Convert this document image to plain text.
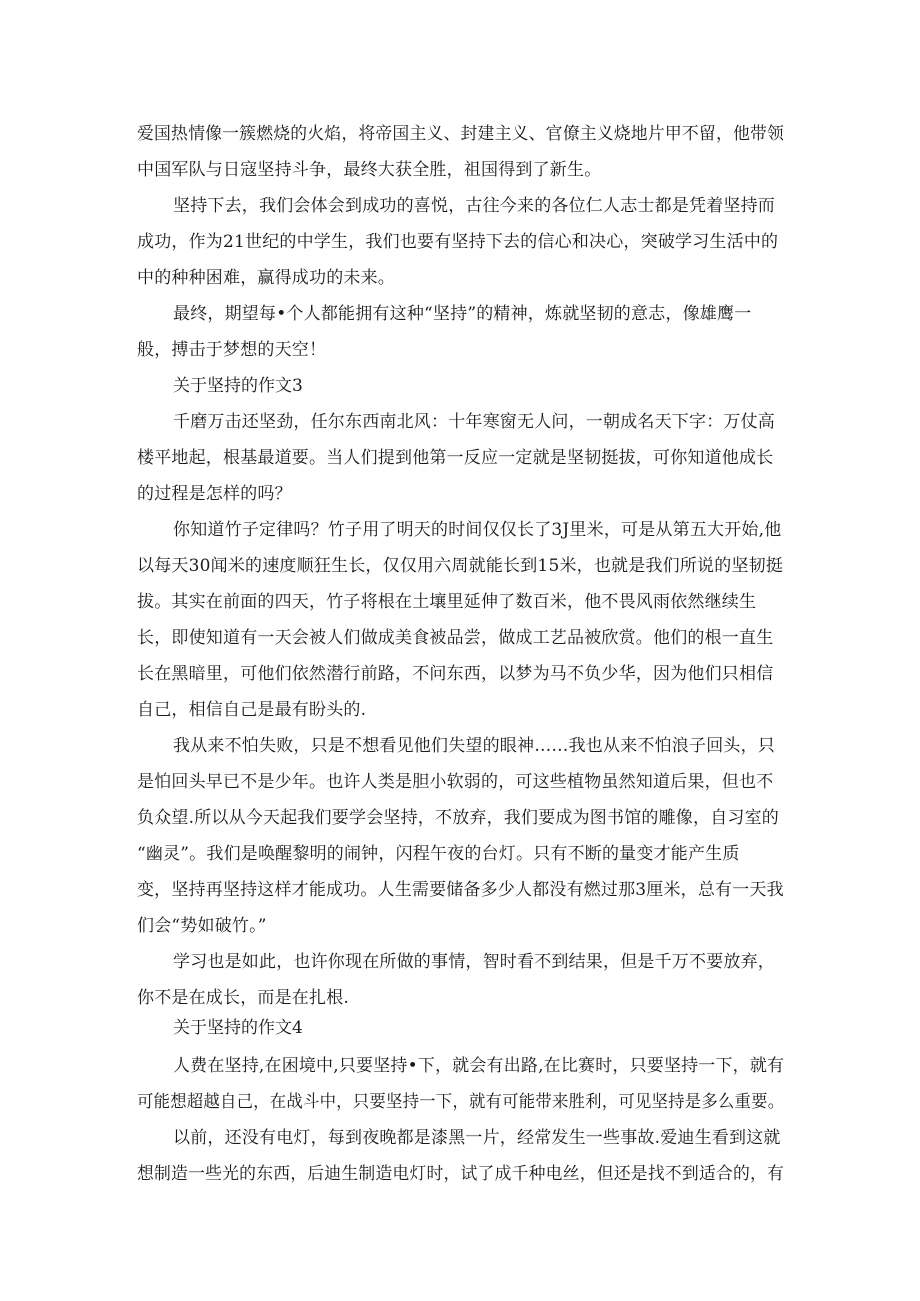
爱国热情像一簇燃烧的火焰，将帝国主义、封建主义、官僚主义烧地片甲不留，他带领
中国军队与日寇坚持斗争，最终大获全胜，祖国得到了新生。
坚持下去，我们会体会到成功的喜悦，古往今来的各位仁人志士都是凭着坚持而
成功，作为21世纪的中学生，我们也要有坚持下去的信心和决心，突破学习生活中的
中的种种困难，赢得成功的未来。
最终，期望每•个人都能拥有这种“坚持”的精神，炼就坚韧的意志，像雄鹰一
般，搏击于梦想的天空！
关于坚持的作文3
千磨万击还坚劲，任尔东西南北风：十年寒窗无人问，一朝成名天下字：万仗高
楼平地起，根基最道要。当人们提到他第一反应一定就是坚韧挺拔，可你知道他成长
的过程是怎样的吗？
你知道竹子定律吗？竹子用了明天的时间仅仅长了3J里米，可是从第五大开始,他
以每天30闻米的速度顺狂生长，仅仅用六周就能长到15米，也就是我们所说的坚韧挺
拔。其实在前面的四天，竹子将根在土壤里延伸了数百米，他不畏风雨依然继续生
长，即使知道有一天会被人们做成美食被品尝，做成工艺品被欣赏。他们的根一直生
长在黑暗里，可他们依然潜行前路，不问东西，以梦为马不负少华，因为他们只相信
自己，相信自己是最有盼头的.
我从来不怕失败，只是不想看见他们失望的眼神……我也从来不怕浪子回头，只
是怕回头早已不是少年。也许人类是胆小软弱的，可这些植物虽然知道后果，但也不
负众望.所以从今天起我们要学会坚持，不放弃，我们要成为图书馆的雕像，自习室的
“幽灵”。我们是唤醒黎明的闹钟，闪程午夜的台灯。只有不断的量变才能产生质
变，坚持再坚持这样才能成功。人生需要储备多少人都没有燃过那3厘米，总有一天我
们会“势如破竹。”
学习也是如此，也许你现在所做的事情，智时看不到结果，但是千万不要放弃，
你不是在成长，而是在扎根.
关于坚持的作文4
人费在坚持,在困境中,只要坚持•下，就会有出路,在比赛时，只要坚持一下，就有
可能想超越自己，在战斗中，只要坚持一下，就有可能带来胜利，可见坚持是多么重要。
以前，还没有电灯，每到夜晚都是漆黑一片，经常发生一些事故.爱迪生看到这就
想制造一些光的东西，后迪生制造电灯时，试了成千种电丝，但还是找不到适合的，有
